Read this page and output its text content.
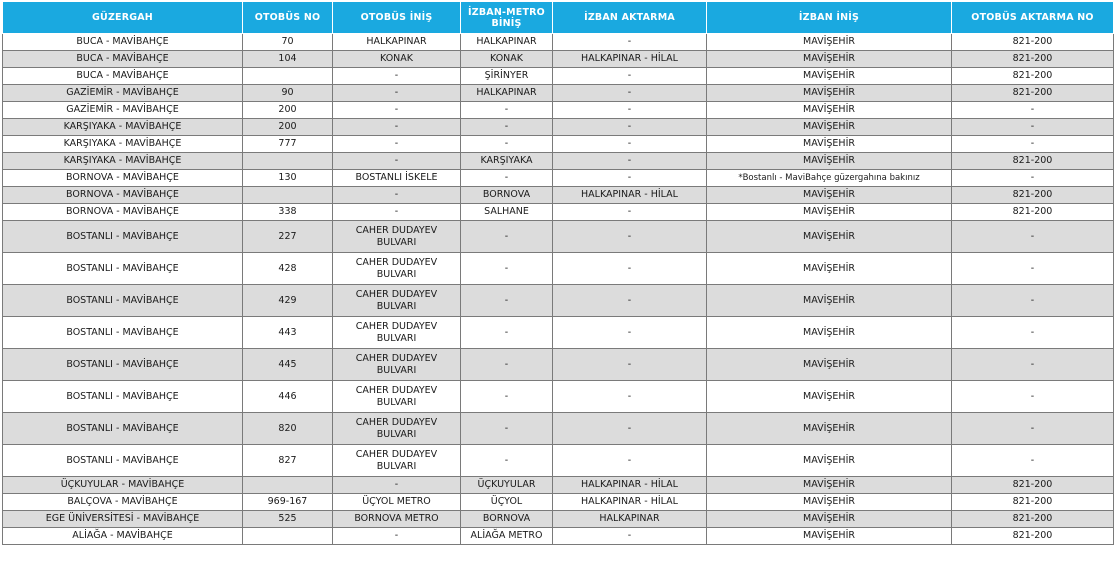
GÜZERGAH	OTOBÜS NO	OTOBÜS İNİŞ	İZBAN-METRO BİNİŞ	İZBAN AKTARMA	İZBAN İNİŞ	OTOBÜS AKTARMA NO
BUCA - MAVİBAHÇE	70	HALKAPINAR	HALKAPINAR	-	MAVİŞEHİR	821-200
BUCA - MAVİBAHÇE	104	KONAK	KONAK	HALKAPINAR - HİLAL	MAVİŞEHİR	821-200
BUCA - MAVİBAHÇE		-	ŞİRİNYER	-	MAVİŞEHİR	821-200
GAZİEMİR - MAVİBAHÇE	90	-	HALKAPINAR	-	MAVİŞEHİR	821-200
GAZİEMİR - MAVİBAHÇE	200	-	-	-	MAVİŞEHİR	-
KARŞIYAKA - MAVİBAHÇE	200	-	-	-	MAVİŞEHİR	-
KARŞIYAKA - MAVİBAHÇE	777	-	-	-	MAVİŞEHİR	-
KARŞIYAKA - MAVİBAHÇE		-	KARŞIYAKA	-	MAVİŞEHİR	821-200
BORNOVA - MAVİBAHÇE	130	BOSTANLI İSKELE	-	-	*Bostanlı - MaviBahçe güzergahına bakınız	-
BORNOVA - MAVİBAHÇE		-	BORNOVA	HALKAPINAR - HİLAL	MAVİŞEHİR	821-200
BORNOVA - MAVİBAHÇE	338	-	SALHANE	-	MAVİŞEHİR	821-200
BOSTANLI - MAVİBAHÇE	227	CAHER DUDAYEV BULVARI	-	-	MAVİŞEHİR	-
BOSTANLI - MAVİBAHÇE	428	CAHER DUDAYEV BULVARI	-	-	MAVİŞEHİR	-
BOSTANLI - MAVİBAHÇE	429	CAHER DUDAYEV BULVARI	-	-	MAVİŞEHİR	-
BOSTANLI - MAVİBAHÇE	443	CAHER DUDAYEV BULVARI	-	-	MAVİŞEHİR	-
BOSTANLI - MAVİBAHÇE	445	CAHER DUDAYEV BULVARI	-	-	MAVİŞEHİR	-
BOSTANLI - MAVİBAHÇE	446	CAHER DUDAYEV BULVARI	-	-	MAVİŞEHİR	-
BOSTANLI - MAVİBAHÇE	820	CAHER DUDAYEV BULVARI	-	-	MAVİŞEHİR	-
BOSTANLI - MAVİBAHÇE	827	CAHER DUDAYEV BULVARI	-	-	MAVİŞEHİR	-
ÜÇKUYULAR - MAVİBAHÇE		-	ÜÇKUYULAR	HALKAPINAR - HİLAL	MAVİŞEHİR	821-200
BALÇOVA - MAVİBAHÇE	969-167	ÜÇYOL METRO	ÜÇYOL	HALKAPINAR - HİLAL	MAVİŞEHİR	821-200
EGE ÜNİVERSİTESİ - MAVİBAHÇE	525	BORNOVA METRO	BORNOVA	HALKAPINAR	MAVİŞEHİR	821-200
ALİAĞA - MAVİBAHÇE		-	ALİAĞA METRO	-	MAVİŞEHİR	821-200
